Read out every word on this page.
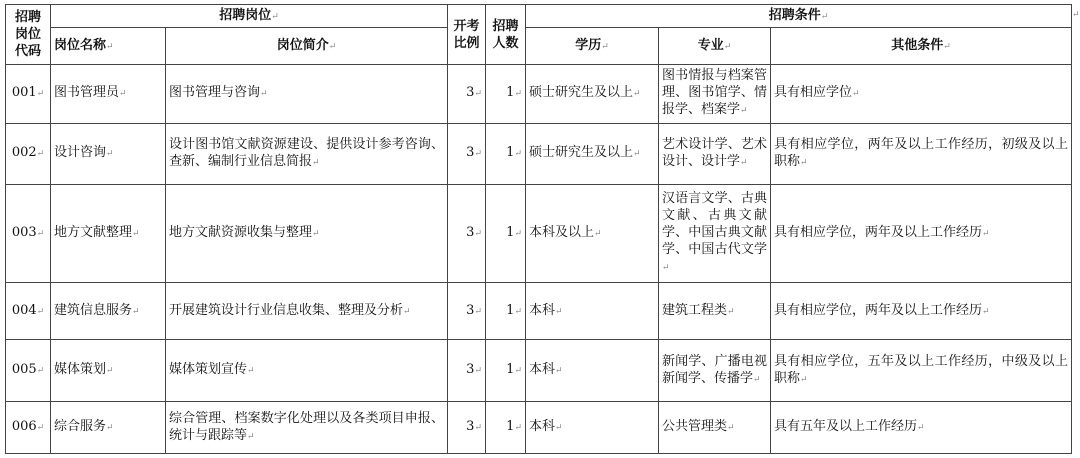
招聘岗位代码	招聘岗位↵		开考比例	招聘人数	招聘条件↵		
	岗位名称↵	岗位简介↵			学历↵	专业↵	其他条件↵
001↵	图书管理员↵	图书管理与咨询↵	3↵	1↵	硕士研究生及以上↵	图书情报与档案管理、图书馆学、情报学、档案学↵	具有相应学位↵
002↵	设计咨询↵	设计图书馆文献资源建设、提供设计参考咨询、查新、编制行业信息简报↵	3↵	1↵	硕士研究生及以上↵	艺术设计学、艺术设计、设计学↵	具有相应学位，两年及以上工作经历，初级及以上职称↵
003↵	地方文献整理↵	地方文献资源收集与整理↵	3↵	1↵	本科及以上↵	汉语言文学、古典文献、古典文献学、中国古典文献学、中国古代文学↵	具有相应学位，两年及以上工作经历↵
004↵	建筑信息服务↵	开展建筑设计行业信息收集、整理及分析↵	3↵	1↵	本科↵	建筑工程类↵	具有相应学位，两年及以上工作经历↵
005↵	媒体策划↵	媒体策划宣传↵	3↵	1↵	本科↵	新闻学、广播电视新闻学、传播学↵	具有相应学位，五年及以上工作经历，中级及以上职称↵
006↵	综合服务↵	综合管理、档案数字化处理以及各类项目申报、统计与跟踪等↵	3↵	1↵	本科↵	公共管理类↵	具有五年及以上工作经历↵
↵
